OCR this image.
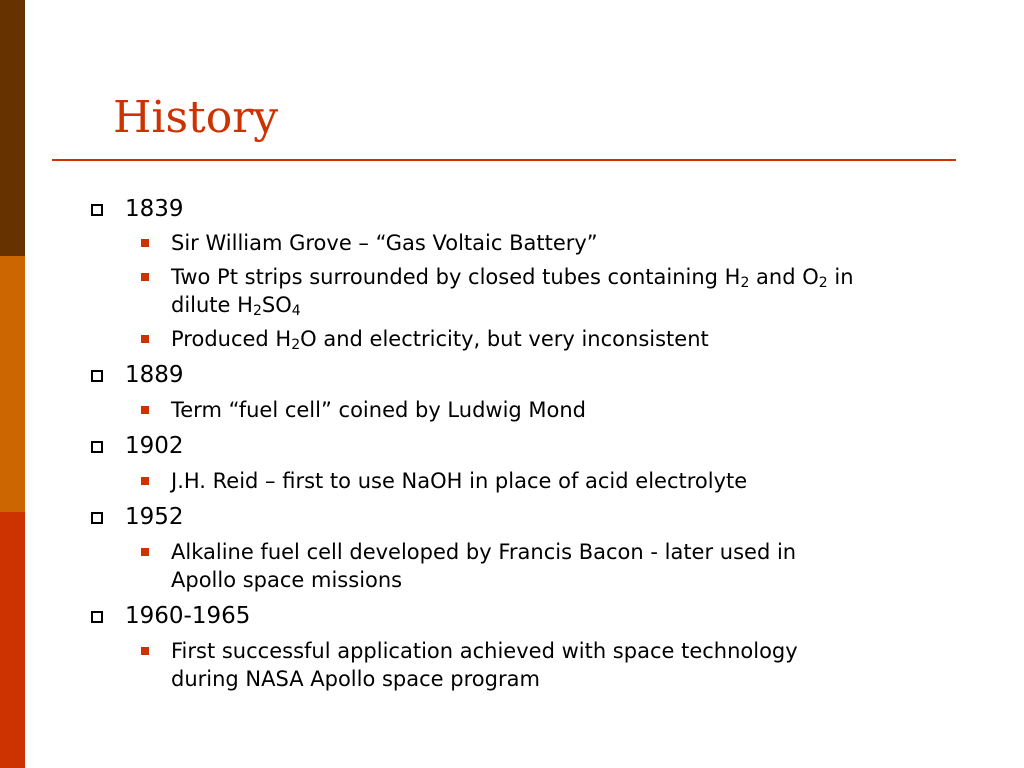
History
1839
Sir William Grove – “Gas Voltaic Battery”
Two Pt strips surrounded by closed tubes containing $H_2$ and $O_2$ in
dilute $H_2SO_4$
Produced $H_2O$ and electricity, but very inconsistent
1889
Term “fuel cell” coined by Ludwig Mond
1902
J.H. Reid – first to use NaOH in place of acid electrolyte
1952
Alkaline fuel cell developed by Francis Bacon - later used in
Apollo space missions
1960-1965
First successful application achieved with space technology
during NASA Apollo space program
